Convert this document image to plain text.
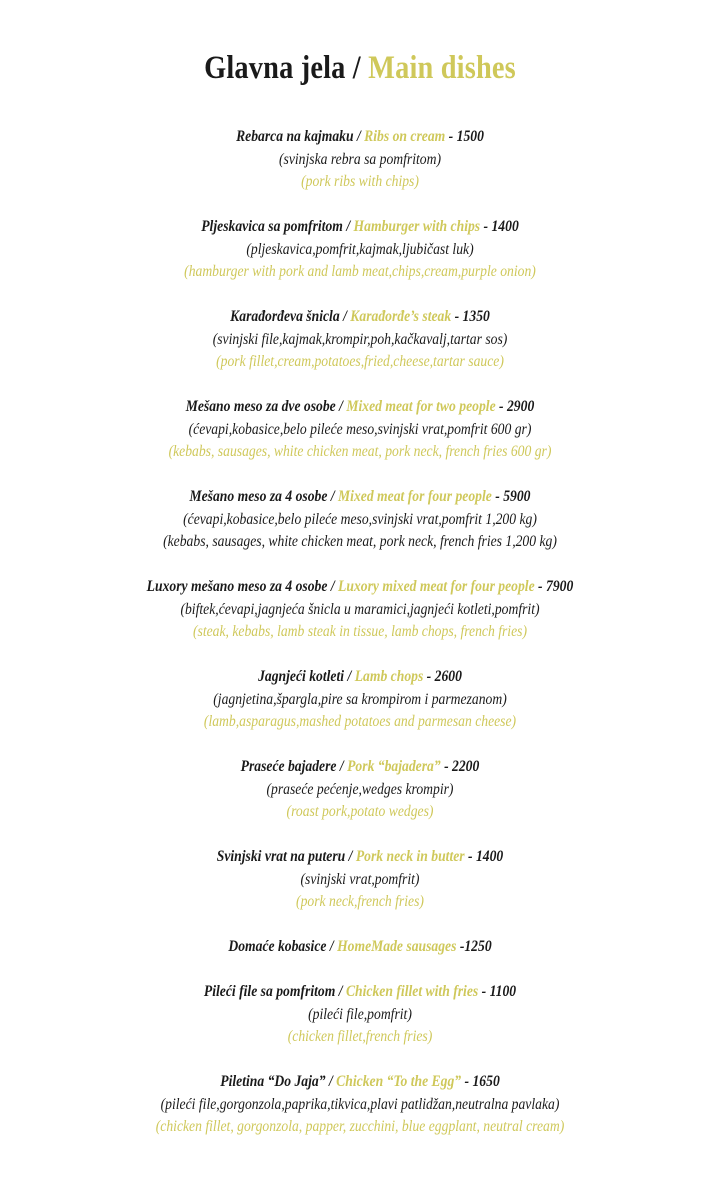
Glavna jela / Main dishes
Rebarca na kajmaku / Ribs on cream - 1500
(svinjska rebra sa pomfritom)
(pork ribs with chips)
Pljeskavica sa pomfritom / Hamburger with chips - 1400
(pljeskavica,pomfrit,kajmak,ljubičast luk)
(hamburger with pork and lamb meat,chips,cream,purple onion)
Karađorđeva šnicla / Karađorđe’s steak - 1350
(svinjski file,kajmak,krompir,poh,kačkavalj,tartar sos)
(pork fillet,cream,potatoes,fried,cheese,tartar sauce)
Mešano meso za dve osobe / Mixed meat for two people - 2900
(ćevapi,kobasice,belo pileće meso,svinjski vrat,pomfrit 600 gr)
(kebabs, sausages, white chicken meat, pork neck, french fries 600 gr)
Mešano meso za 4 osobe / Mixed meat for four people - 5900
(ćevapi,kobasice,belo pileće meso,svinjski vrat,pomfrit 1,200 kg)
(kebabs, sausages, white chicken meat, pork neck, french fries 1,200 kg)
Luxory mešano meso za 4 osobe / Luxory mixed meat for four people - 7900
(biftek,ćevapi,jagnjeća šnicla u maramici,jagnjeći kotleti,pomfrit)
(steak, kebabs, lamb steak in tissue, lamb chops, french fries)
Jagnjeći kotleti / Lamb chops - 2600
(jagnjetina,špargla,pire sa krompirom i parmezanom)
(lamb,asparagus,mashed potatoes and parmesan cheese)
Praseće bajadere / Pork “bajadera” - 2200
(praseće pećenje,wedges krompir)
(roast pork,potato wedges)
Svinjski vrat na puteru / Pork neck in butter - 1400
(svinjski vrat,pomfrit)
(pork neck,french fries)
Domaće kobasice / HomeMade sausages -1250
Pileći file sa pomfritom / Chicken fillet with fries - 1100
(pileći file,pomfrit)
(chicken fillet,french fries)
Piletina “Do Jaja” / Chicken “To the Egg” - 1650
(pileći file,gorgonzola,paprika,tikvica,plavi patlidžan,neutralna pavlaka)
(chicken fillet, gorgonzola, papper, zucchini, blue eggplant, neutral cream)
